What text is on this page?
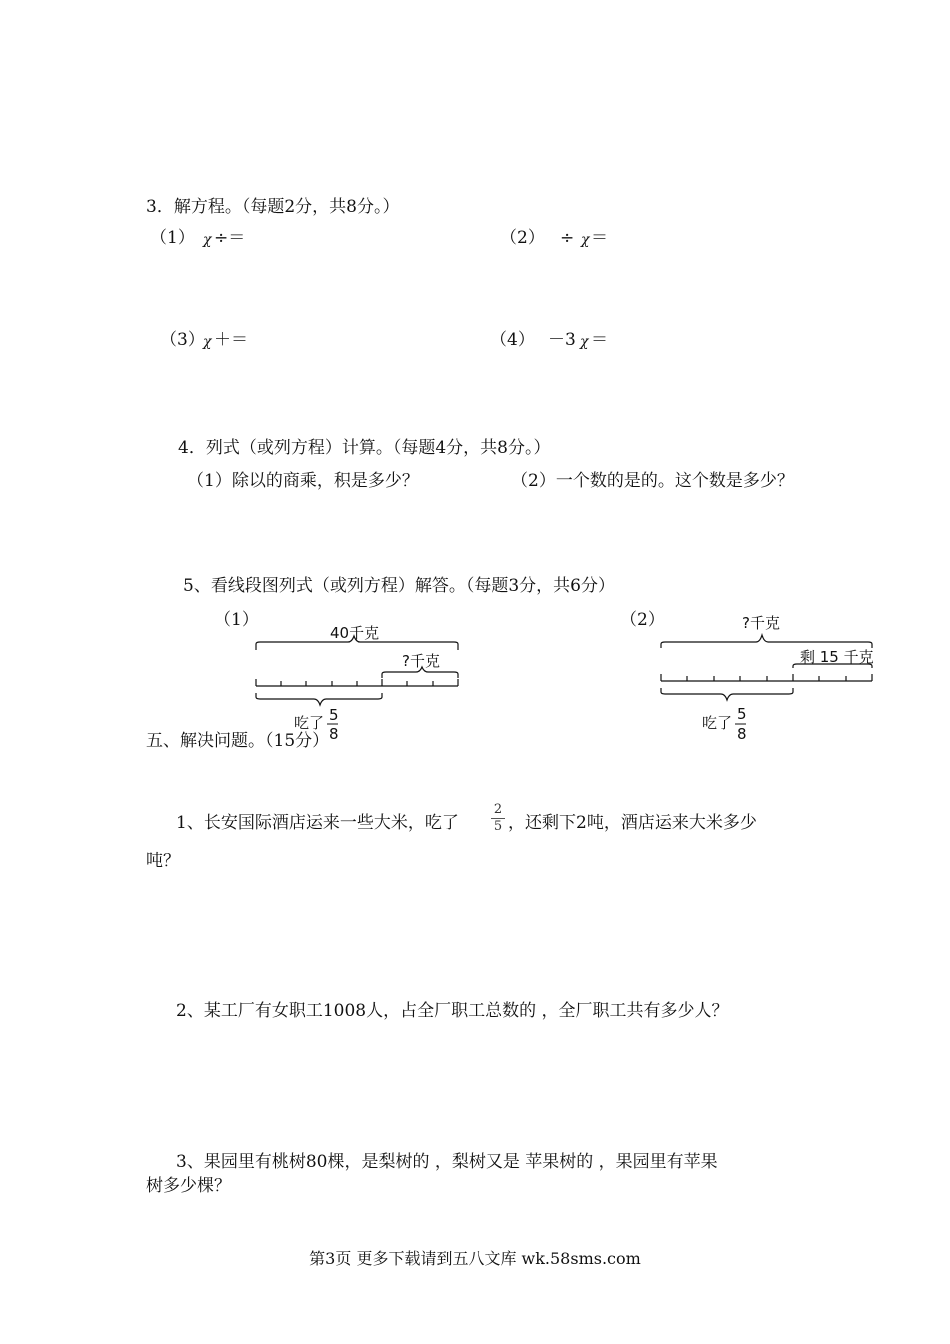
3．解方程。（每题2分，共8分。）
（1） χ ÷＝	（2） ÷ χ ＝
（3）
χ ＋＝	（4） －3 χ ＝
4．列式（或列方程）计算。（每题4分，共8分。）
（1）除以的商乘，积是多少？	（2）一个数的是的。这个数是多少？
5、看线段图列式（或列方程）解答。（每题3分，共6分）
（1）
40千克
?千克
吃了 5
8
（2）	?千克
剩 15 千克
吃了 5
8
五、解决问题。（15分）
1、长安国际酒店运来一些大米，吃了
2
5 ，还剩下2吨，酒店运来大米多少
吨？
2、某工厂有女职工1008人，占全厂职工总数的 ，全厂职工共有多少人？
3、果园里有桃树80棵，是梨树的 ，梨树又是 苹果树的 ，果园里有苹果
树多少棵？
第3页 更多下载请到五八文库 wk.58sms.com
